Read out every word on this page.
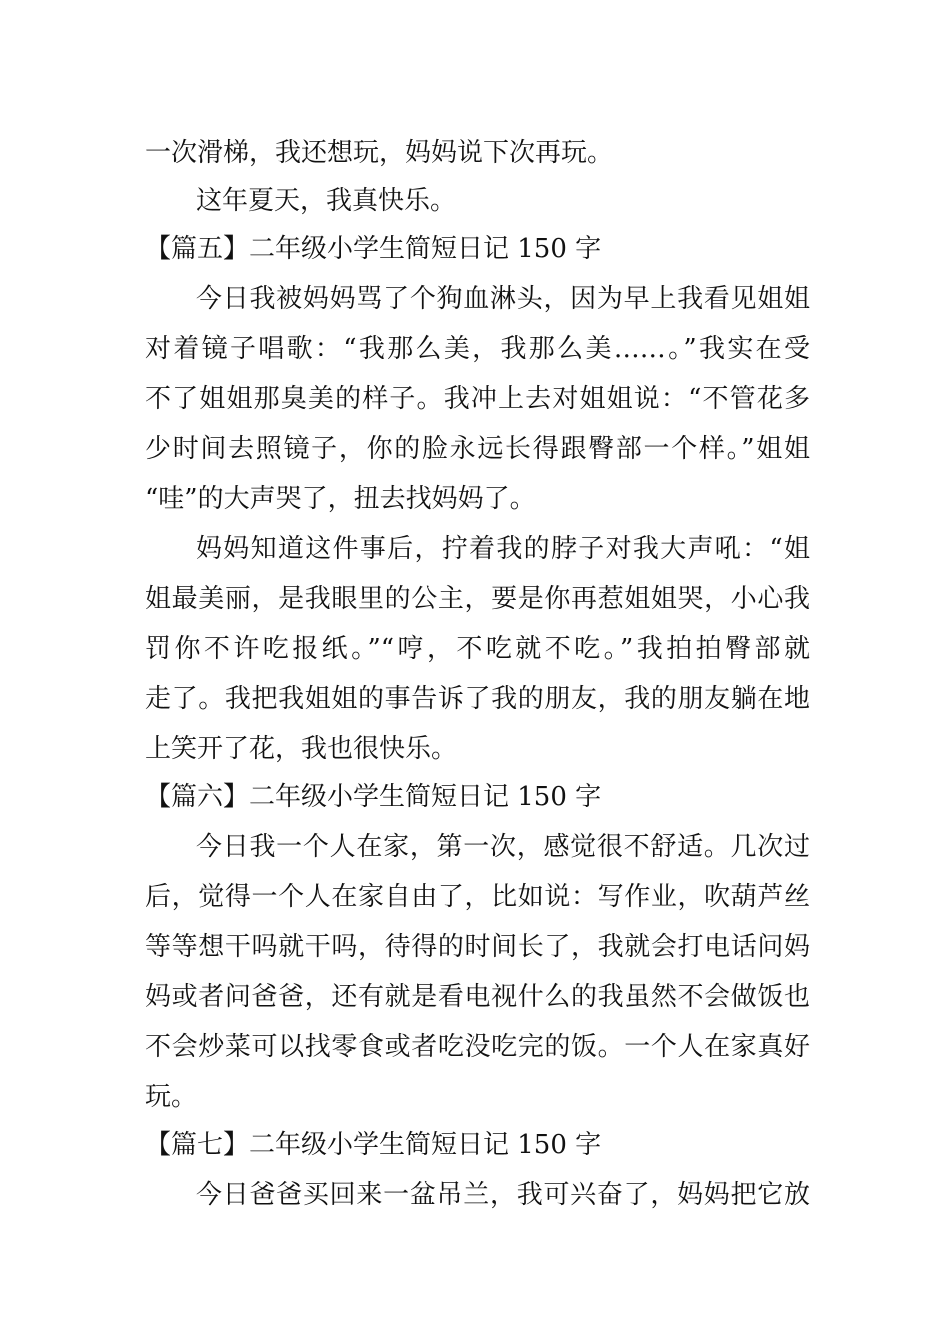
一次滑梯，我还想玩，妈妈说下次再玩。
这年夏天，我真快乐。
【篇五】二年级小学生简短日记 150 字
今日我被妈妈骂了个狗血淋头，因为早上我看见姐姐
对着镜子唱歌：“我那么美，我那么美……。”我实在受
不了姐姐那臭美的样子。我冲上去对姐姐说：“不管花多
少时间去照镜子，你的脸永远长得跟臀部一个样。”姐姐
“哇”的大声哭了，扭去找妈妈了。
妈妈知道这件事后，拧着我的脖子对我大声吼：“姐
姐最美丽，是我眼里的公主，要是你再惹姐姐哭，小心我
罚你不许吃报纸。”“哼，不吃就不吃。”我拍拍臀部就
走了。我把我姐姐的事告诉了我的朋友，我的朋友躺在地
上笑开了花，我也很快乐。
【篇六】二年级小学生简短日记 150 字
今日我一个人在家，第一次，感觉很不舒适。几次过
后，觉得一个人在家自由了，比如说：写作业，吹葫芦丝
等等想干吗就干吗，待得的时间长了，我就会打电话问妈
妈或者问爸爸，还有就是看电视什么的我虽然不会做饭也
不会炒菜可以找零食或者吃没吃完的饭。一个人在家真好
玩。
【篇七】二年级小学生简短日记 150 字
今日爸爸买回来一盆吊兰，我可兴奋了，妈妈把它放
